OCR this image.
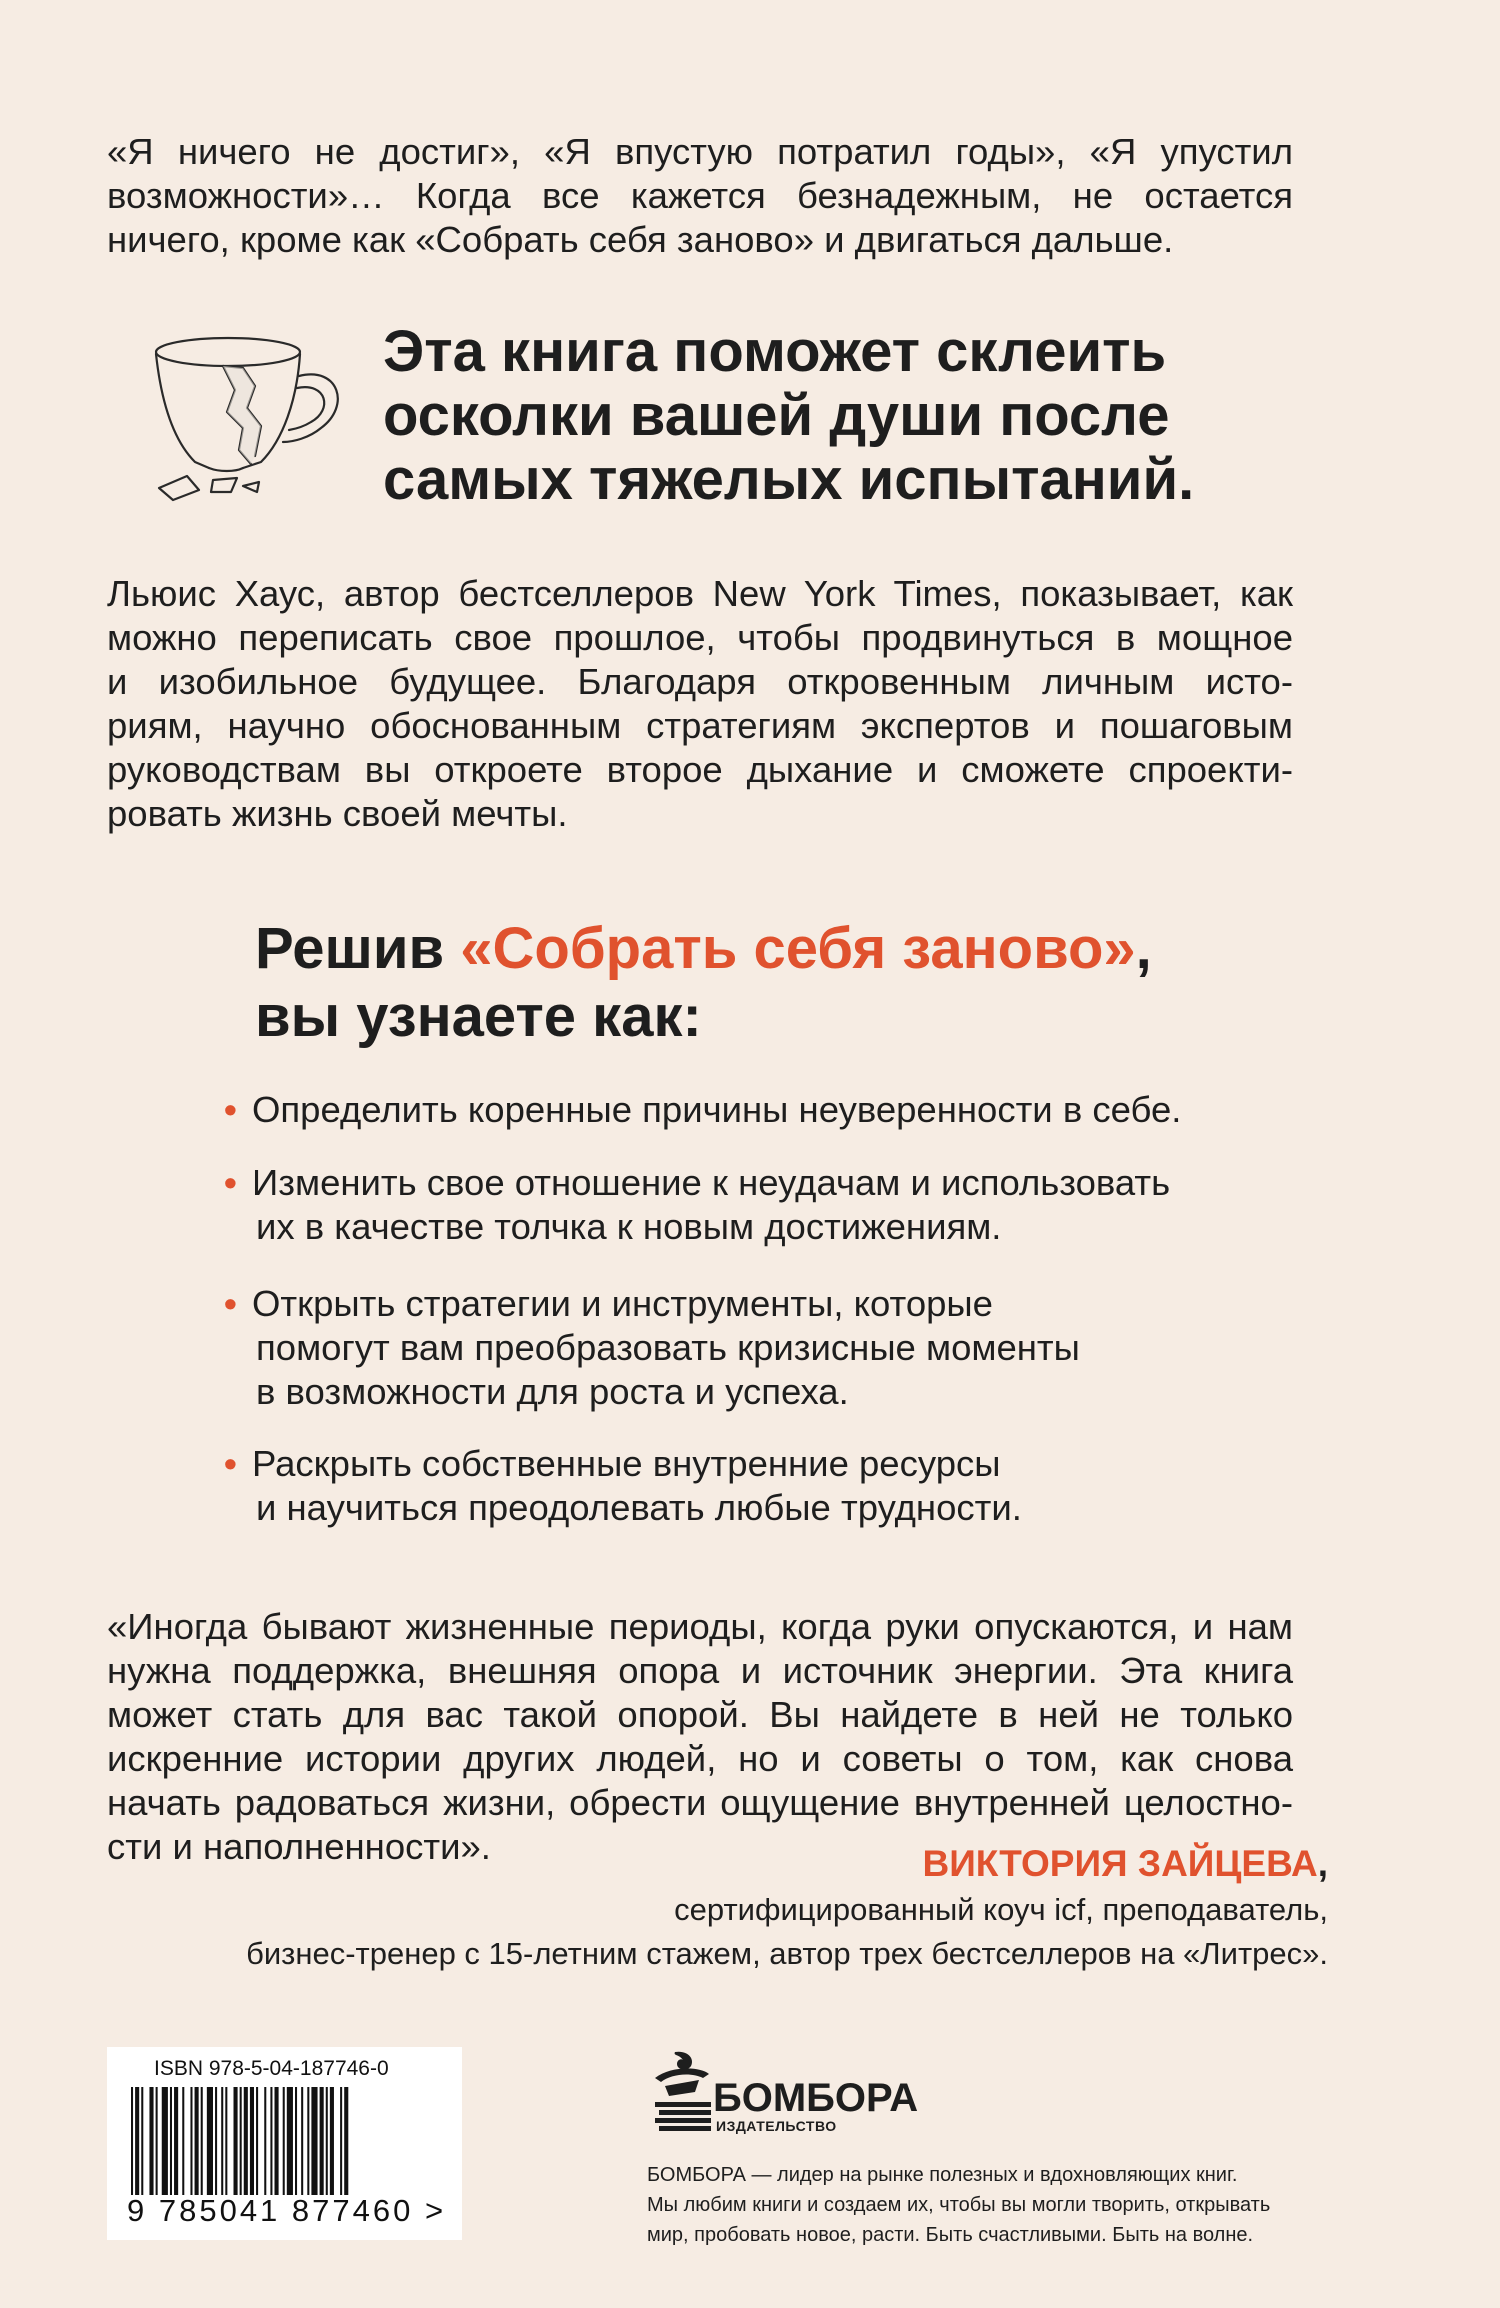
«Я ничего не достиг», «Я впустую потратил годы», «Я упустил

возможности»… Когда все кажется безнадежным, не остается

ничего, кроме как «Собрать себя заново» и двигаться дальше.

Эта книга поможет склеить
осколки вашей души после
самых тяжелых испытаний.

Льюис Хаус, автор бестселлеров New York Times, показывает, как

можно переписать свое прошлое, чтобы продвинуться в мощное

и изобильное будущее. Благодаря откровенным личным исто-

риям, научно обоснованным стратегиям экспертов и пошаговым

руководствам вы откроете второе дыхание и сможете спроекти-

ровать жизнь своей мечты.

Решив «Собрать себя заново»,
вы узнаете как:
• Определить коренные причины неуверенности в себе.
• Изменить свое отношение к неудачам и использовать
их в качестве толчка к новым достижениям.
• Открыть стратегии и инструменты, которые
помогут вам преобразовать кризисные моменты
в возможности для роста и успеха.
• Раскрыть собственные внутренние ресурсы
и научиться преодолевать любые трудности.

«Иногда бывают жизненные периоды, когда руки опускаются, и нам

нужна поддержка, внешняя опора и источник энергии. Эта книга

может стать для вас такой опорой. Вы найдете в ней не только

искренние истории других людей, но и советы о том, как снова

начать радоваться жизни, обрести ощущение внутренней целостно-

сти и наполненности».	ВИКТОРИЯ ЗАЙЦЕВА,

сертифицированный коуч icf, преподаватель,
бизнес-тренер с 15-летним стажем, автор трех бестселлеров на «Литрес».

ISBN 978-5-04-187746-0

9 785041 877460 >

БОМБОРА

ИЗДАТЕЛЬСТВО

БОМБОРА — лидер на рынке полезных и вдохновляющих книг.
Мы любим книги и создаем их, чтобы вы могли творить, открывать
мир, пробовать новое, расти. Быть счастливыми. Быть на волне.
